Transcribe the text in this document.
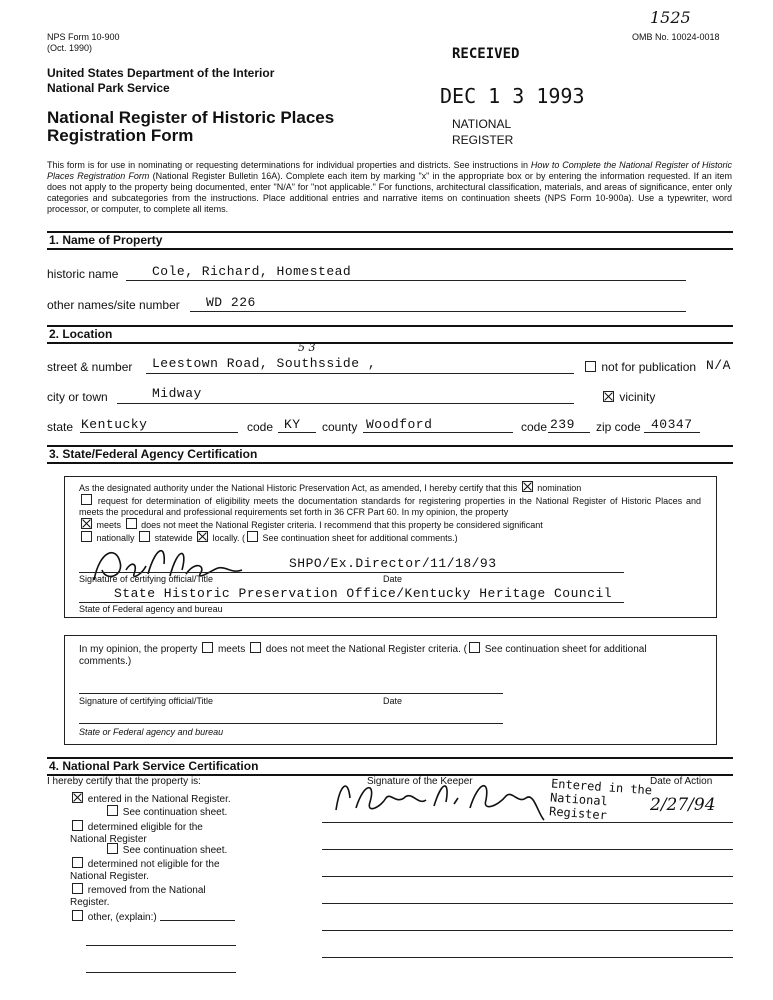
NPS Form 10-900
(Oct. 1990)
1525
OMB No. 10024-0018
United States Department of the Interior
National Park Service
National Register of Historic Places
Registration Form
RECEIVED
DEC 1 3 1993
NATIONAL
REGISTER
This form is for use in nominating or requesting determinations for individual properties and districts. See instructions in How to Complete the National Register of Historic Places Registration Form (National Register Bulletin 16A). Complete each item by marking "x" in the appropriate box or by entering the information requested. If an item does not apply to the property being documented, enter "N/A" for "not applicable." For functions, architectural classification, materials, and areas of significance, enter only categories and subcategories from the instructions. Place additional entries and narrative items on continuation sheets (NPS Form 10-900a). Use a typewriter, word processor, or computer, to complete all items.
1. Name of Property
historic name	Cole, Richard, Homestead
other names/site number WD 226
2. Location
5 3
street & number Leestown Road, Southsside ,	not for publication N/A
city or town	Midway	vicinity
state Kentucky	code KY county Woodford	code 239 zip code 40347
3. State/Federal Agency Certification
As the designated authority under the National Historic Preservation Act, as amended, I hereby certify that this nomination
request for determination of eligibility meets the documentation standards for registering properties in the National Register of Historic Places and meets the procedural and professional requirements set forth in 36 CFR Part 60. In my opinion, the property
meets does not meet the National Register criteria. I recommend that this property be considered significant
nationally statewide locally. ( See continuation sheet for additional comments.)
SHPO/Ex.Director/11/18/93
Signature of certifying official/Title	Date
State Historic Preservation Office/Kentucky Heritage Council
State of Federal agency and bureau
In my opinion, the property meets does not meet the National Register criteria. ( See continuation sheet for additional comments.)
Signature of certifying official/Title	Date
State or Federal agency and bureau
4. National Park Service Certification
I hereby certify that the property is:	Signature of the Keeper	Date of Action
Entered in the National Register	2/27/94
entered in the National Register.
See continuation sheet.
determined eligible for the National Register
See continuation sheet.
determined not eligible for the National Register.
removed from the National Register.
other, (explain:)
